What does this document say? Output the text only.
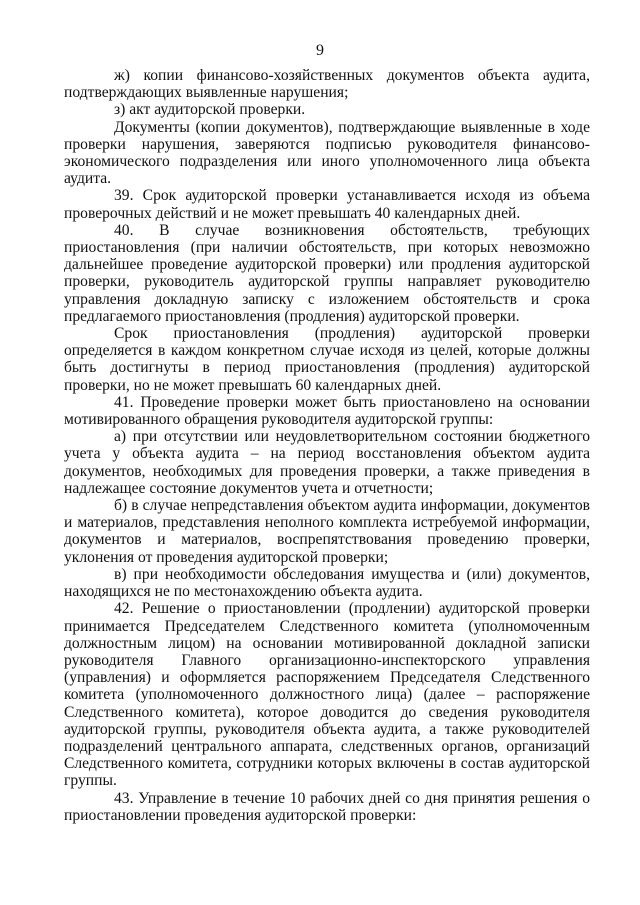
9

ж) копии финансово-хозяйственных документов объекта аудита, подтверждающих выявленные нарушения;

з) акт аудиторской проверки.

Документы (копии документов), подтверждающие выявленные в ходе проверки нарушения, заверяются подписью руководителя финансово-экономического подразделения или иного уполномоченного лица объекта аудита.

39. Срок аудиторской проверки устанавливается исходя из объема проверочных действий и не может превышать 40 календарных дней.

40. В случае возникновения обстоятельств, требующих приостановления (при наличии обстоятельств, при которых невозможно дальнейшее проведение аудиторской проверки) или продления аудиторской проверки, руководитель аудиторской группы направляет руководителю управления докладную записку с изложением обстоятельств и срока предлагаемого приостановления (продления) аудиторской проверки.

Срок приостановления (продления) аудиторской проверки определяется в каждом конкретном случае исходя из целей, которые должны быть достигнуты в период приостановления (продления) аудиторской проверки, но не может превышать 60 календарных дней.

41. Проведение проверки может быть приостановлено на основании мотивированного обращения руководителя аудиторской группы:

а) при отсутствии или неудовлетворительном состоянии бюджетного учета у объекта аудита – на период восстановления объектом аудита документов, необходимых для проведения проверки, а также приведения в надлежащее состояние документов учета и отчетности;

б) в случае непредставления объектом аудита информации, документов и материалов, представления неполного комплекта истребуемой информации, документов и материалов, воспрепятствования проведению проверки, уклонения от проведения аудиторской проверки;

в) при необходимости обследования имущества и (или) документов, находящихся не по местонахождению объекта аудита.

42. Решение о приостановлении (продлении) аудиторской проверки принимается Председателем Следственного комитета (уполномоченным должностным лицом) на основании мотивированной докладной записки руководителя Главного организационно-инспекторского управления (управления) и оформляется распоряжением Председателя Следственного комитета (уполномоченного должностного лица) (далее – распоряжение Следственного комитета), которое доводится до сведения руководителя аудиторской группы, руководителя объекта аудита, а также руководителей подразделений центрального аппарата, следственных органов, организаций Следственного комитета, сотрудники которых включены в состав аудиторской группы.

43. Управление в течение 10 рабочих дней со дня принятия решения о приостановлении проведения аудиторской проверки:
